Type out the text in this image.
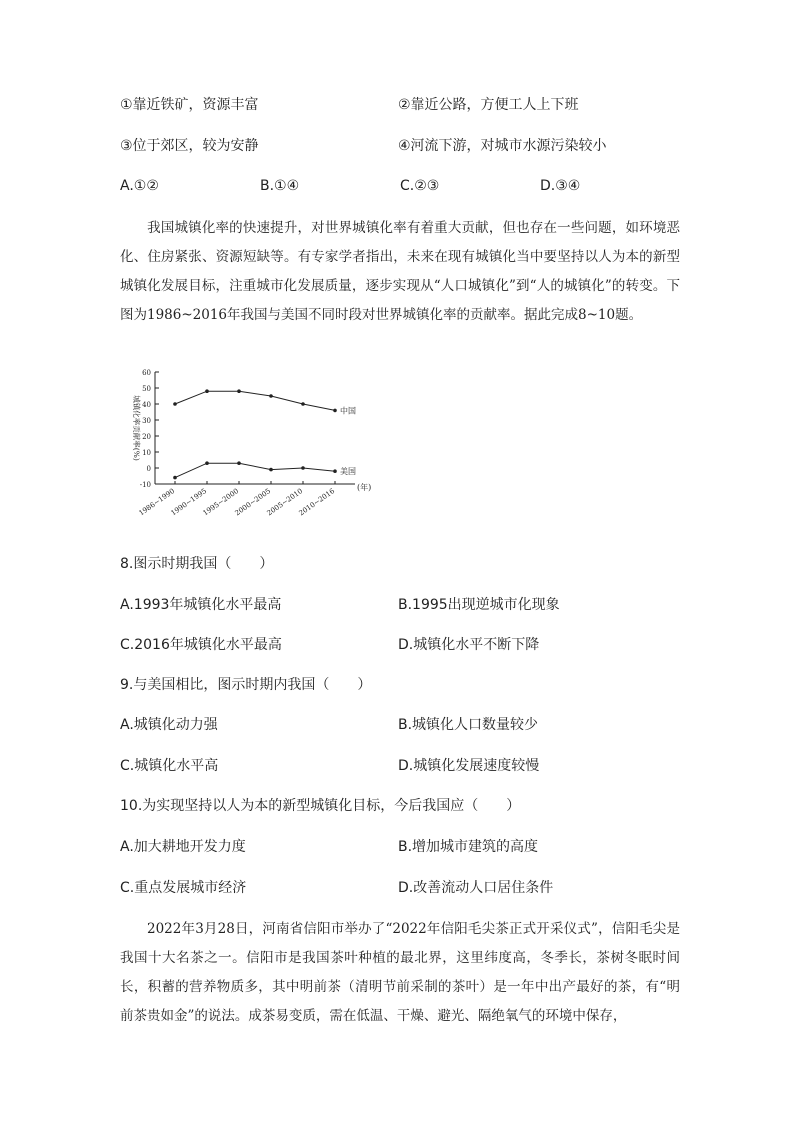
①靠近铁矿，资源丰富	②靠近公路，方便工人上下班
③位于郊区，较为安静	④河流下游，对城市水源污染较小
A.①②	B.①④	C.②③	D.③④

我国城镇化率的快速提升，对世界城镇化率有着重大贡献，但也存在一些问题，如环境恶化、住房紧张、资源短缺等。有专家学者指出，未来在现有城镇化当中要坚持以人为本的新型城镇化发展目标，注重城市化发展质量，逐步实现从“人口城镇化”到“人的城镇化”的转变。下图为1986~2016年我国与美国不同时段对世界城镇化率的贡献率。据此完成8~10题。

-10
0
10
20
30
40
50
60
1986~1990
1990~1995
1995~2000
2000~2005
2005~2010
2010~2016	(年)
城镇化率贡献率(%)	中国
美国
8.图示时期我国（　　）
A.1993年城镇化水平最高	B.1995出现逆城市化现象
C.2016年城镇化水平最高	D.城镇化水平不断下降
9.与美国相比，图示时期内我国（　　）
A.城镇化动力强	B.城镇化人口数量较少
C.城镇化水平高	D.城镇化发展速度较慢
10.为实现坚持以人为本的新型城镇化目标，今后我国应（　　）
A.加大耕地开发力度	B.增加城市建筑的高度
C.重点发展城市经济	D.改善流动人口居住条件

2022年3月28日，河南省信阳市举办了“2022年信阳毛尖茶正式开采仪式”，信阳毛尖是我国十大名茶之一。信阳市是我国茶叶种植的最北界，这里纬度高，冬季长，茶树冬眠时间长，积蓄的营养物质多，其中明前茶（清明节前采制的茶叶）是一年中出产最好的茶，有“明前茶贵如金”的说法。成茶易变质，需在低温、干燥、避光、隔绝氧气的环境中保存，
